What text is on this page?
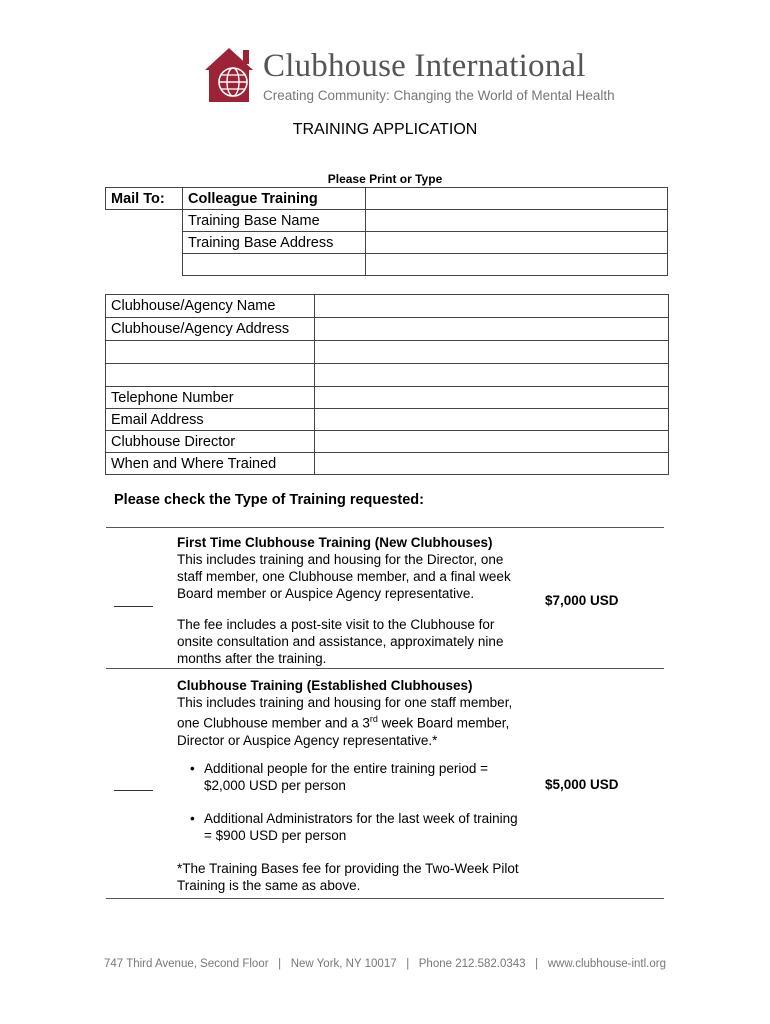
Clubhouse International
Creating Community: Changing the World of Mental Health
TRAINING APPLICATION
Please Print or Type
Mail To:	Colleague Training	
	Training Base Name	
	Training Base Address	

Clubhouse/Agency Name	
Clubhouse/Agency Address	

Telephone Number	
Email Address	
Clubhouse Director	
When and Where Trained	
Please check the Type of Training requested:
First Time Clubhouse Training (New Clubhouses)
This includes training and housing for the Director, one
staff member, one Clubhouse member, and a final week
Board member or Auspice Agency representative.	$7,000 USD
The fee includes a post-site visit to the Clubhouse for
onsite consultation and assistance, approximately nine
months after the training.
Clubhouse Training (Established Clubhouses)
This includes training and housing for one staff member,
one Clubhouse member and a 3rd week Board member,
Director or Auspice Agency representative.*
• Additional people for the entire training period =
$2,000 USD per person	$5,000 USD
• Additional Administrators for the last week of training
= $900 USD per person
*The Training Bases fee for providing the Two-Week Pilot
Training is the same as above.
747 Third Avenue, Second Floor   |   New York, NY 10017   |   Phone 212.582.0343   |   www.clubhouse-intl.org
